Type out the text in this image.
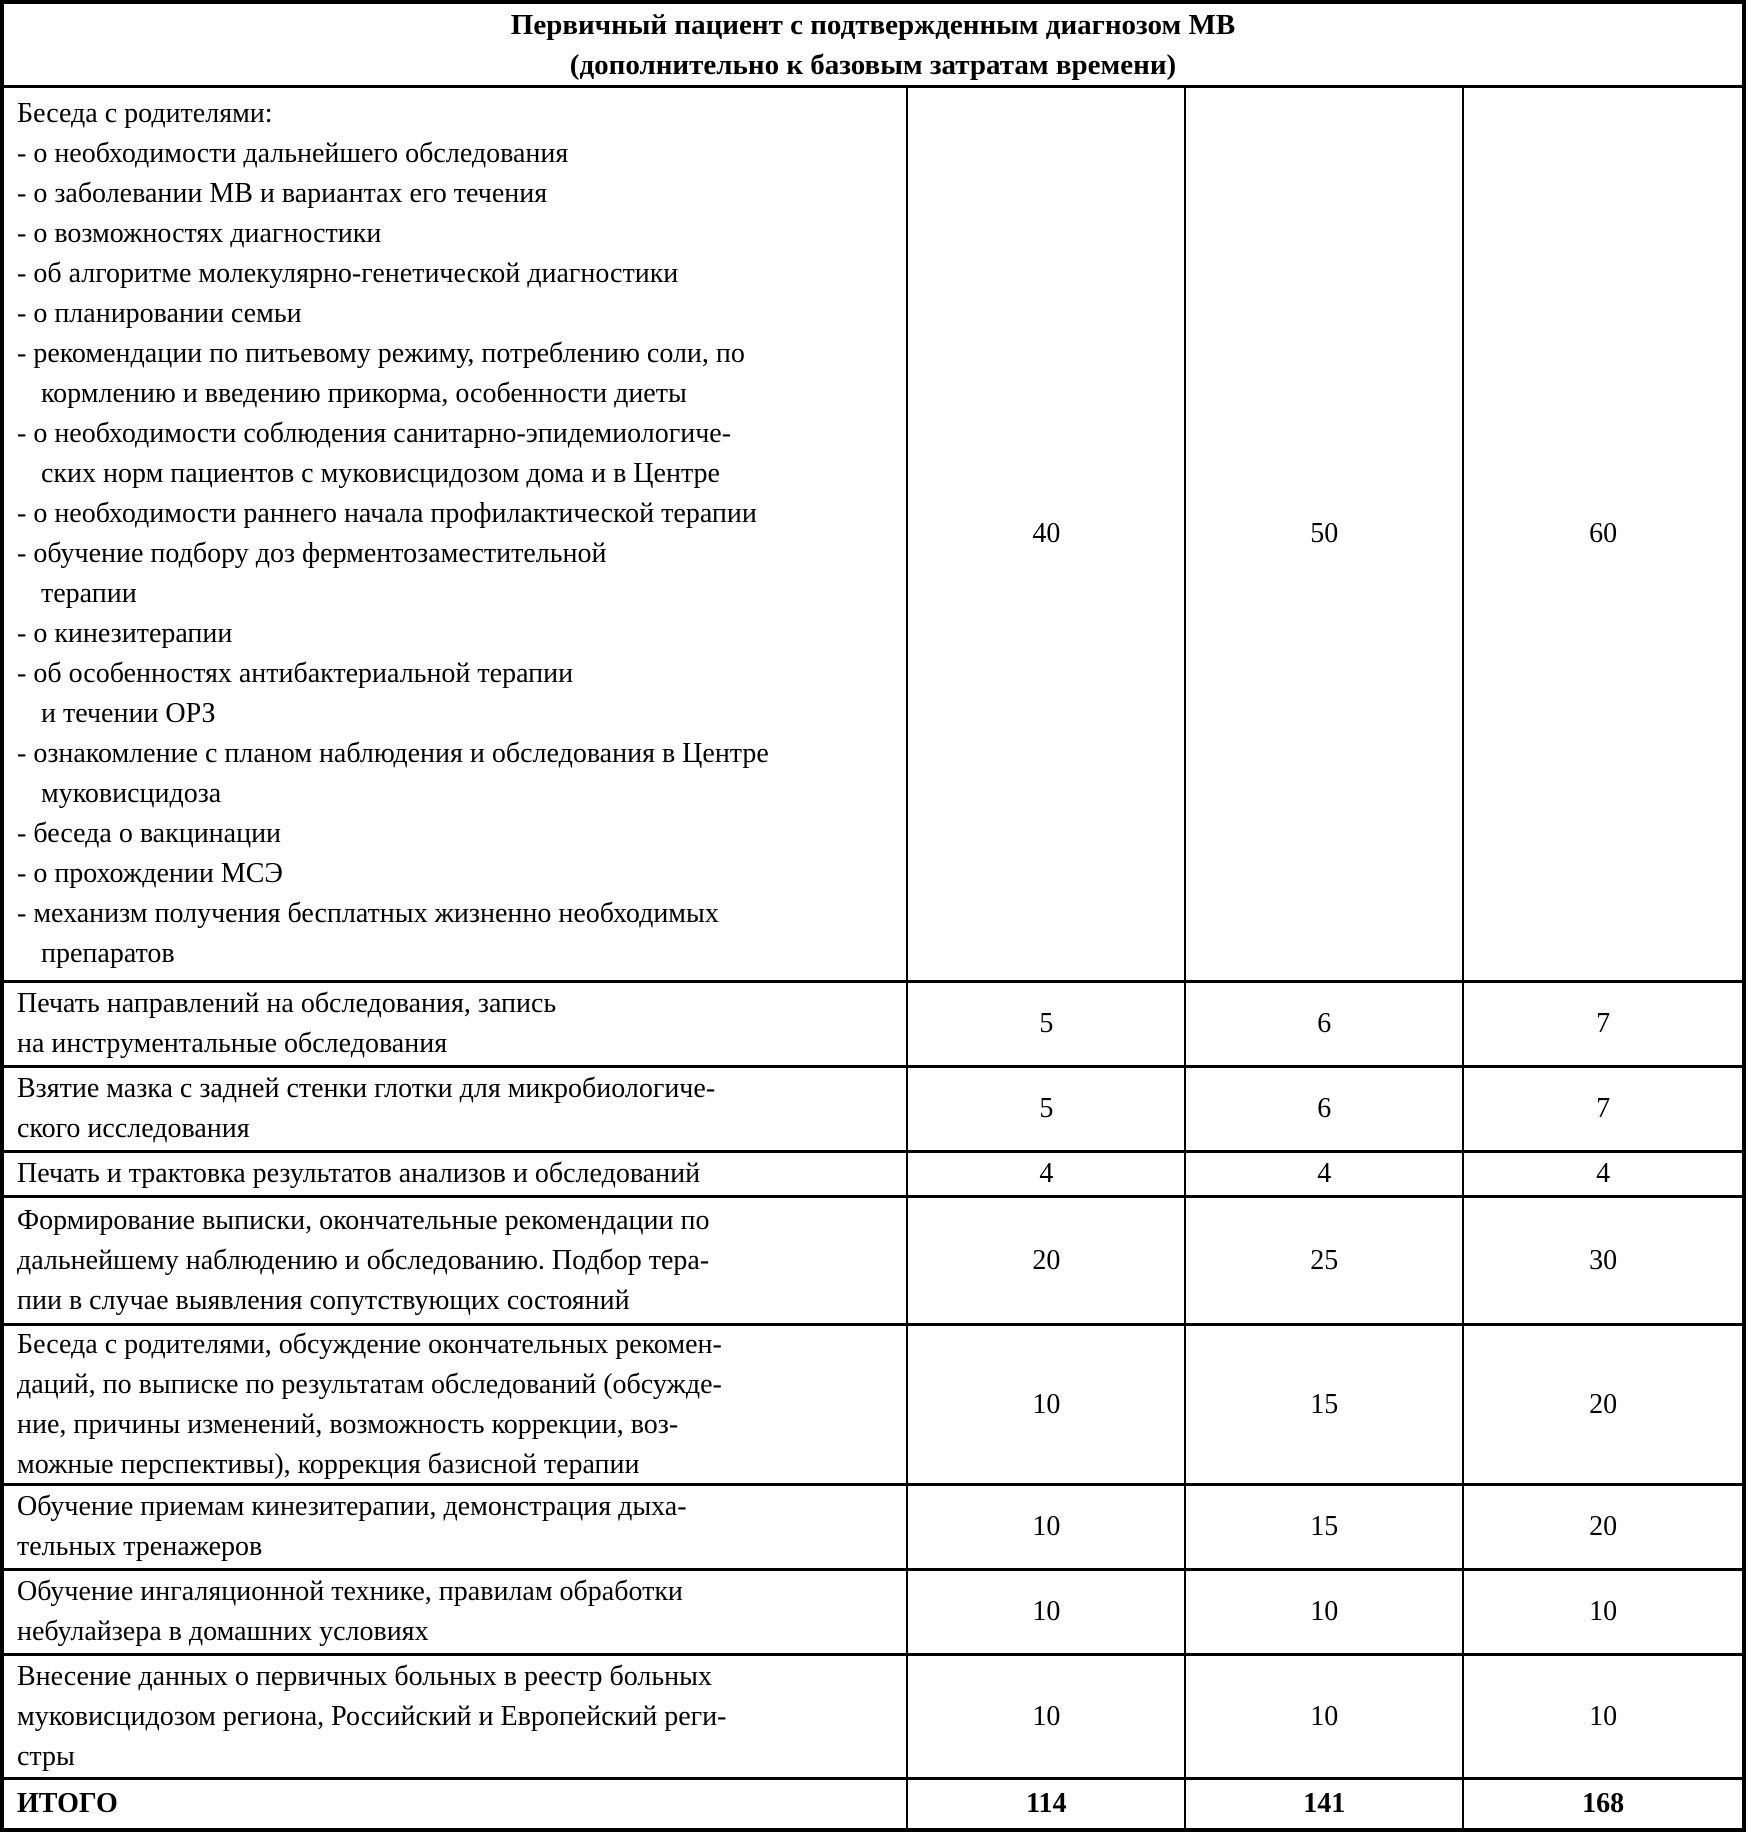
Первичный пациент с подтвержденным диагнозом МВ
(дополнительно к базовым затратам времени)
Беседа с родителями:
- о необходимости дальнейшего обследования
- о заболевании МВ и вариантах его течения
- о возможностях диагностики
- об алгоритме молекулярно-генетической диагностики
- о планировании семьи
- рекомендации по питьевому режиму, потреблению соли, по
кормлению и введению прикорма, особенности диеты
- о необходимости соблюдения санитарно-эпидемиологиче-
ских норм пациентов с муковисцидозом дома и в Центре
- о необходимости раннего начала профилактической терапии
- обучение подбору доз ферментозаместительной
терапии
- о кинезитерапии
- об особенностях антибактериальной терапии
и течении ОРЗ
- ознакомление с планом наблюдения и обследования в Центре
муковисцидоза
- беседа о вакцинации
- о прохождении МСЭ
- механизм получения бесплатных жизненно необходимых
препаратов
40	50	60
Печать направлений на обследования, запись
на инструментальные обследования
5	6	7
Взятие мазка с задней стенки глотки для микробиологиче-
ского исследования
5	6	7
Печать и трактовка результатов анализов и обследований	4	4	4
Формирование выписки, окончательные рекомендации по
дальнейшему наблюдению и обследованию. Подбор тера-
пии в случае выявления сопутствующих состояний
20	25	30
Беседа с родителями, обсуждение окончательных рекомен-
даций, по выписке по результатам обследований (обсужде-
ние, причины изменений, возможность коррекции, воз-
можные перспективы), коррекция базисной терапии
10	15	20
Обучение приемам кинезитерапии, демонстрация дыха-
тельных тренажеров
10	15	20
Обучение ингаляционной технике, правилам обработки
небулайзера в домашних условиях
10	10	10
Внесение данных о первичных больных в реестр больных
муковисцидозом региона, Российский и Европейский реги-
стры
10	10	10
ИТОГО	114	141	168
